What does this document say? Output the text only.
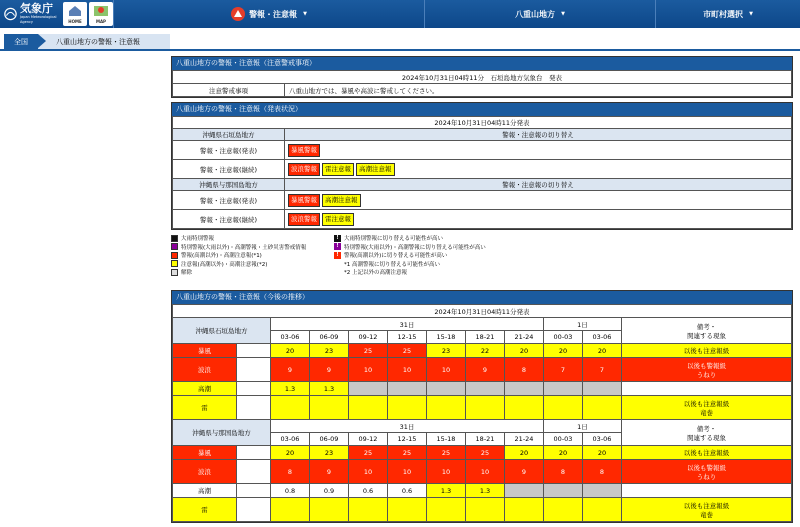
気象庁
Japan Meteorological Agency	HOME	MAP
警報・注意報 ▼	八重山地方 ▼	市町村選択 ▼
全国	八重山地方の警報・注意報
八重山地方の警報・注意報（注意警戒事項）
2024年10月31日04時11分　石垣島地方気象台　発表
注意警戒事項	八重山地方では、暴風や高波に警戒してください。
八重山地方の警報・注意報（発表状況）
2024年10月31日04時11分発表	
沖縄県石垣島地方	警報・注意報の切り替え
警報・注意報(発表)	暴風警報
警報・注意報(継続)	波浪警報 雷注意報 高潮注意報
沖縄県与那国島地方	警報・注意報の切り替え
警報・注意報(発表)	暴風警報 高潮注意報
警報・注意報(継続)	波浪警報 雷注意報
大雨特別警報
特別警報(大雨以外)・高潮警報・土砂災害警戒情報
警報(高潮以外)・高潮注意報(*1)
注意報(高潮以外)・高潮注意報(*2)
解除
! 大雨特別警報に切り替える可能性が高い
! 特別警報(大雨以外)・高潮警報に切り替える可能性が高い
! 警報(高潮以外)に切り替える可能性が高い
*1 高潮警報に切り替える可能性が高い
*2 上記以外の高潮注意報
八重山地方の警報・注意報（今後の推移）
2024年10月31日04時11分発表											
沖縄県石垣島地方		31日							1日		備考・
関連する現象

		03-06	06-09	09-12	12-15	15-18	18-21	21-24	00-03	03-06	
暴風		20	23	25	25	23	22	20	20	20	以後も注意報級

波浪		9	9	10	10	10	9	8	7	7	以後も警報級
うねり

高潮		1.3	1.3								

雷											以後も注意報級
竜巻

沖縄県与那国島地方		31日							1日		備考・
関連する現象

		03-06	06-09	09-12	12-15	15-18	18-21	21-24	00-03	03-06	
暴風		20	23	25	25	25	25	20	20	20	以後も注意報級

波浪		8	9	10	10	10	10	9	8	8	以後も警報級
うねり

高潮		0.8	0.9	0.6	0.6	1.3	1.3				

雷											以後も注意報級
竜巻
